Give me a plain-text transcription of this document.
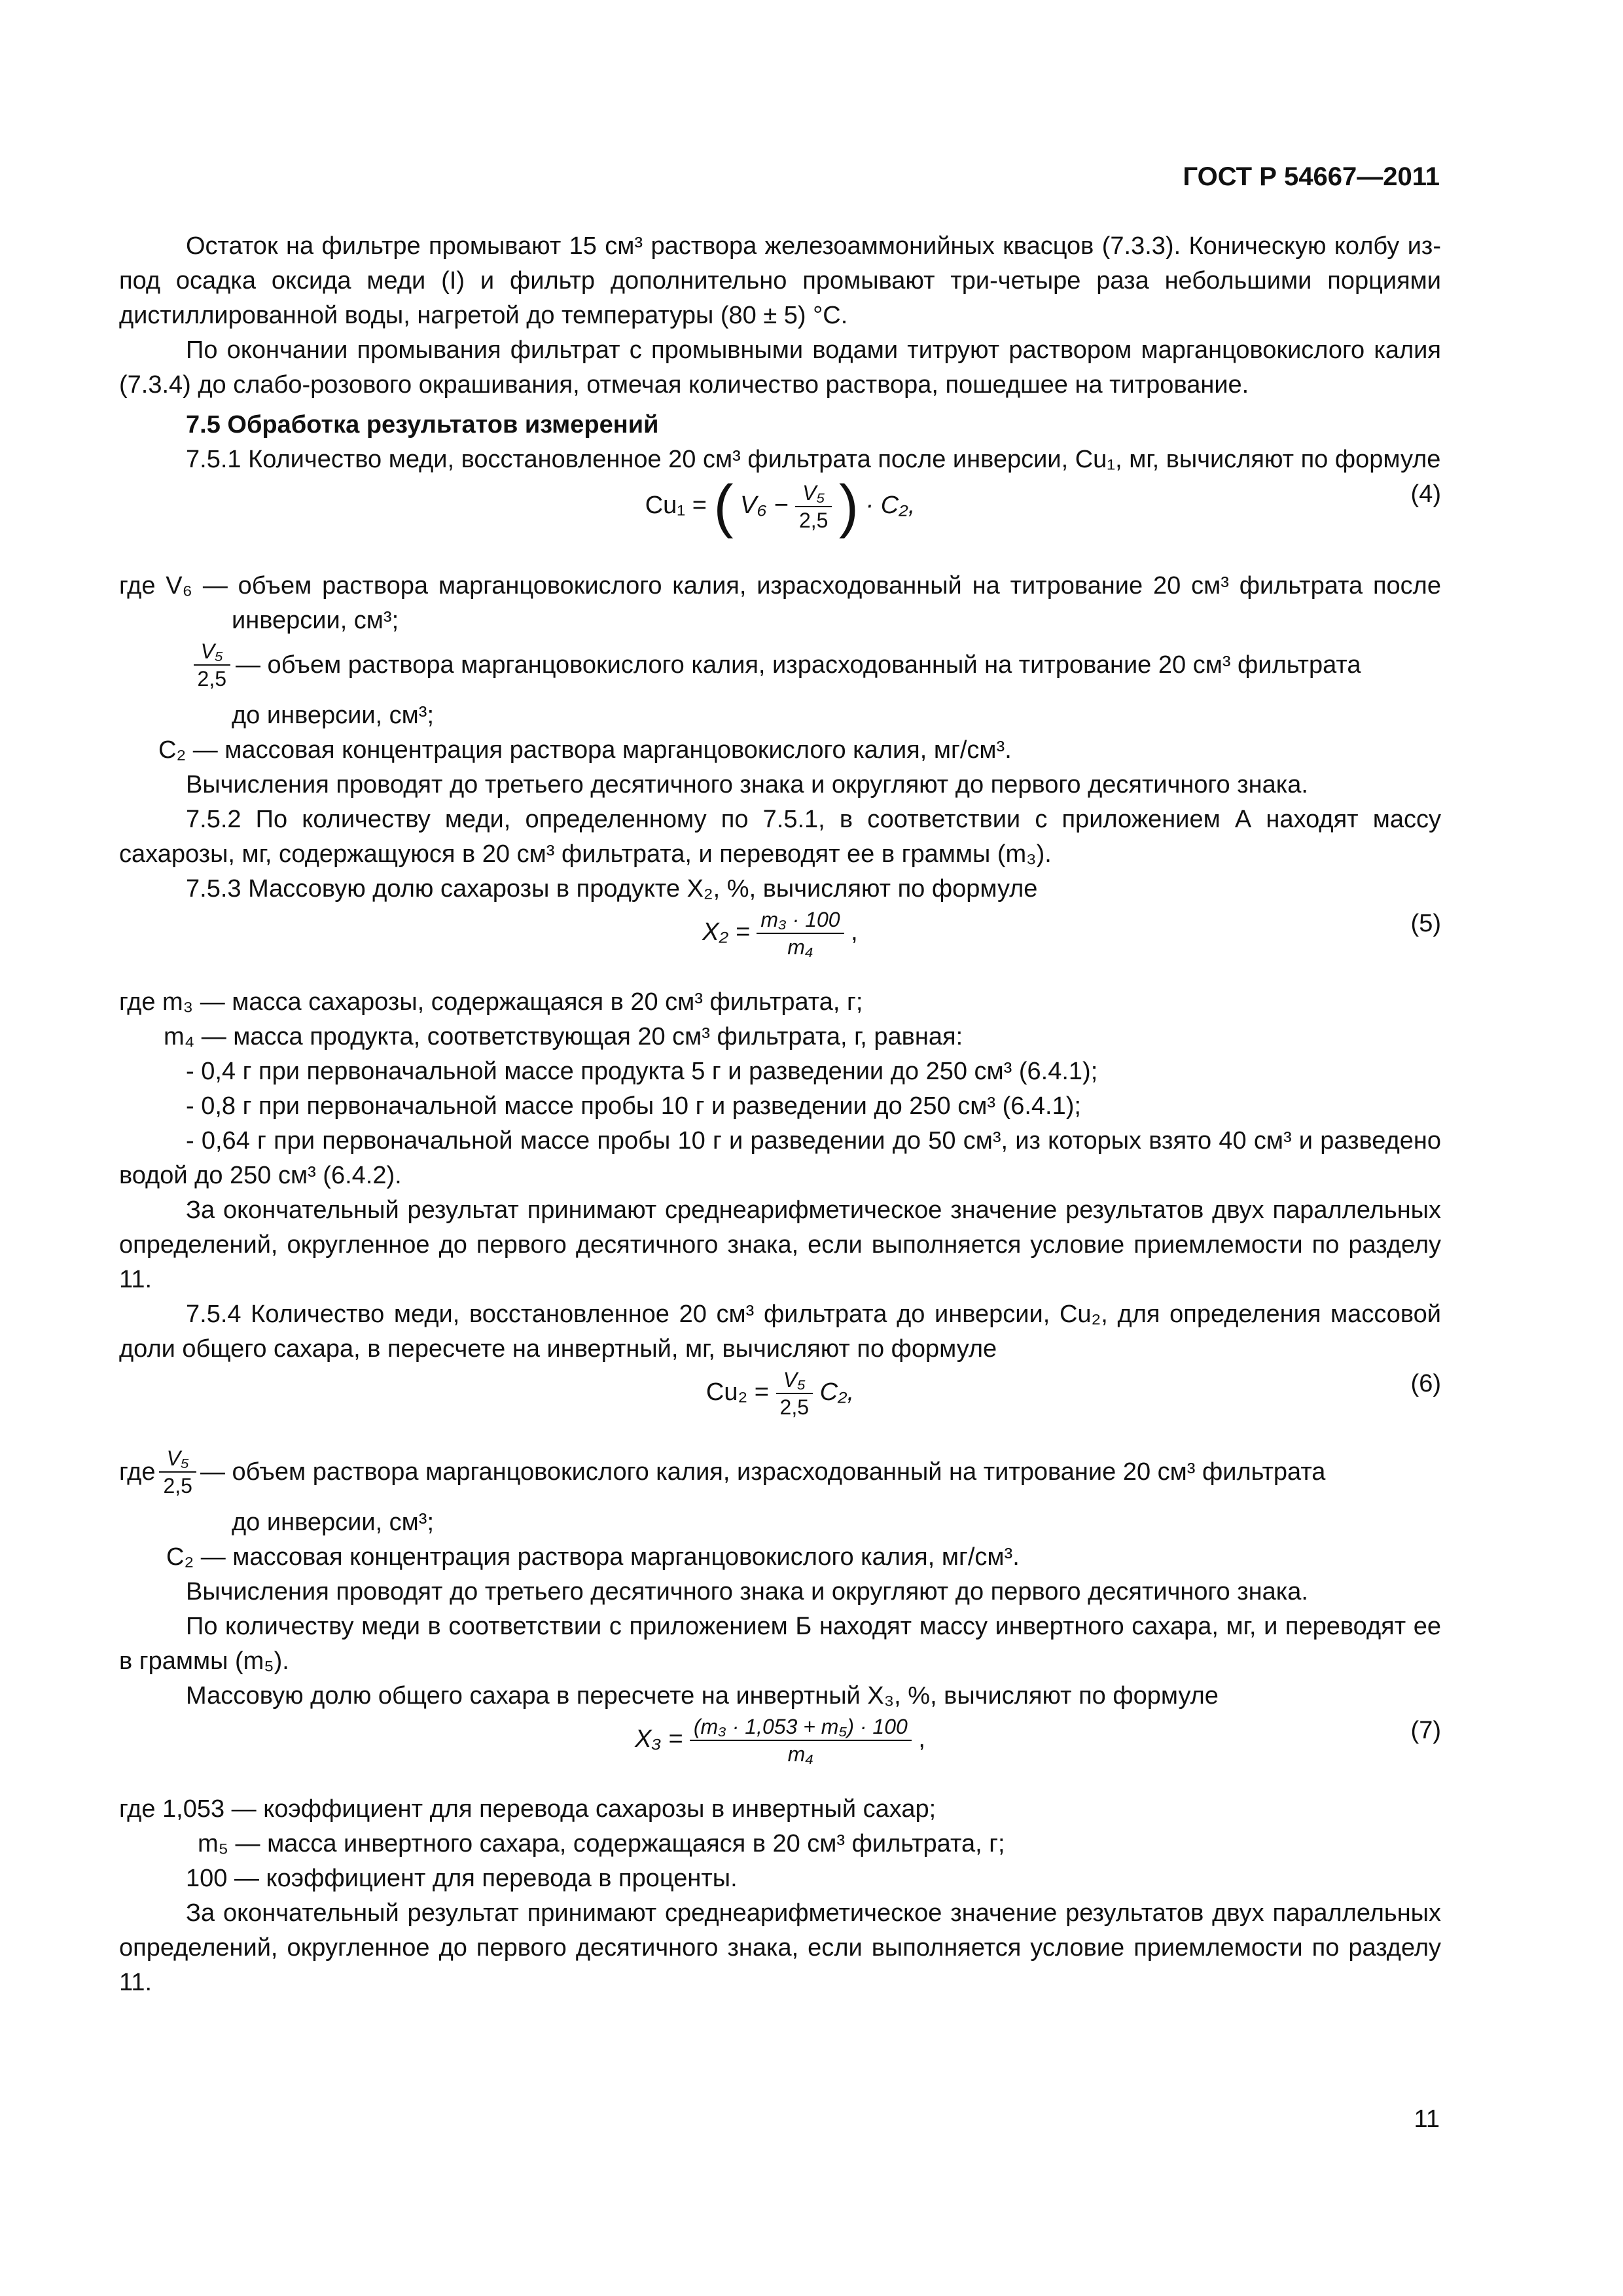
ГОСТ Р 54667—2011

Остаток на фильтре промывают 15 см³ раствора железоаммонийных квасцов (7.3.3). Коническую колбу из-под осадка оксида меди (I) и фильтр дополнительно промывают три-четыре раза небольшими порциями дистиллированной воды, нагретой до температуры (80 ± 5) °С.

По окончании промывания фильтрат с промывными водами титруют раствором марганцовокислого калия (7.3.4) до слабо-розового окрашивания, отмечая количество раствора, пошедшее на титрование.

7.5 Обработка результатов измерений

7.5.1 Количество меди, восстановленное 20 см³ фильтрата после инверсии, Cu₁, мг, вычисляют по формуле

Cu₁ = ( $V_6 - \frac{\text{V₅}}{2,5}$ ) · C₂,	(4)

где V₆ — объем раствора марганцовокислого калия, израсходованный на титрование 20 см³ фильтрата после инверсии, см³;

$\frac{\text{V₅}}{2,5}$ — объем раствора марганцовокислого калия, израсходованный на титрование 20 см³ фильтрата

до инверсии, см³;

C₂ — массовая концентрация раствора марганцовокислого калия, мг/см³.

Вычисления проводят до третьего десятичного знака и округляют до первого десятичного знака.

7.5.2 По количеству меди, определенному по 7.5.1, в соответствии с приложением А находят массу сахарозы, мг, содержащуюся в 20 см³ фильтрата, и переводят ее в граммы (m₃).

7.5.3 Массовую долю сахарозы в продукте X₂, %, вычисляют по формуле

$X_2 = \frac{\text{m₃ · 100}}{\text{m₄}}$ ,	(5)

где m₃ — масса сахарозы, содержащаяся в 20 см³ фильтрата, г;

m₄ — масса продукта, соответствующая 20 см³ фильтрата, г, равная:

- 0,4 г при первоначальной массе продукта 5 г и разведении до 250 см³ (6.4.1);

- 0,8 г при первоначальной массе пробы 10 г и разведении до 250 см³ (6.4.1);

- 0,64 г при первоначальной массе пробы 10 г и разведении до 50 см³, из которых взято 40 см³ и разведено водой до 250 см³ (6.4.2).

За окончательный результат принимают среднеарифметическое значение результатов двух параллельных определений, округленное до первого десятичного знака, если выполняется условие приемлемости по разделу 11.

7.5.4 Количество меди, восстановленное 20 см³ фильтрата до инверсии, Cu₂, для определения массовой доли общего сахара, в пересчете на инвертный, мг, вычисляют по формуле

$Cu_2 = \frac{\text{V₅}}{2,5} C_2$,	(6)
где $\frac{\text{V₅}}{2,5}$ — объем раствора марганцовокислого калия, израсходованный на титрование 20 см³ фильтрата

до инверсии, см³;

C₂ — массовая концентрация раствора марганцовокислого калия, мг/см³.

Вычисления проводят до третьего десятичного знака и округляют до первого десятичного знака.

По количеству меди в соответствии с приложением Б находят массу инвертного сахара, мг, и переводят ее в граммы (m₅).

Массовую долю общего сахара в пересчете на инвертный X₃, %, вычисляют по формуле

$X_3 = \frac{\text{(m₃ · 1,053 + m₅) · 100}}{\text{m₄}}$ ,	(7)

где 1,053 — коэффициент для перевода сахарозы в инвертный сахар;

m₅ — масса инвертного сахара, содержащаяся в 20 см³ фильтрата, г;

100 — коэффициент для перевода в проценты.

За окончательный результат принимают среднеарифметическое значение результатов двух параллельных определений, округленное до первого десятичного знака, если выполняется условие приемлемости по разделу 11.

11
